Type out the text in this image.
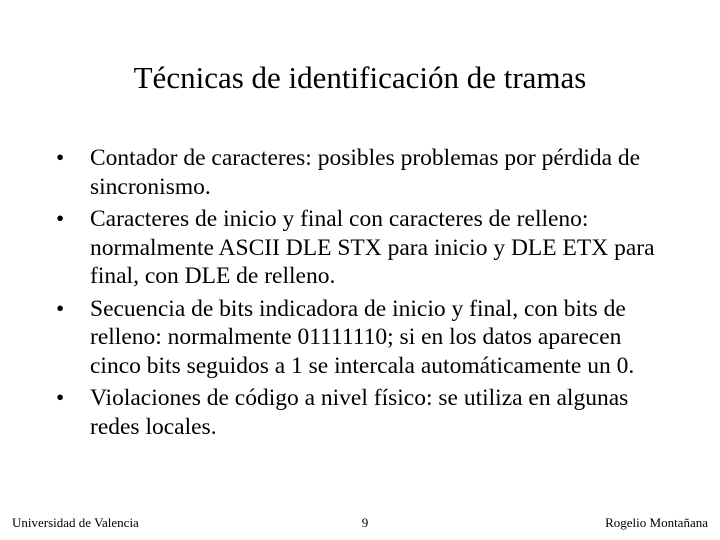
Técnicas de identificación de tramas
•	Contador de caracteres: posibles problemas por pérdida de sincronismo.
•	Caracteres de inicio y final con caracteres de relleno: normalmente ASCII DLE STX para inicio y DLE ETX para final, con DLE de relleno.
•	Secuencia de bits indicadora de inicio y final, con bits de relleno: normalmente 01111110; si en los datos aparecen cinco bits seguidos a 1 se intercala automáticamente un 0.
•	Violaciones de código a nivel físico: se utiliza en algunas redes locales.
Universidad de Valencia	9	Rogelio Montañana
